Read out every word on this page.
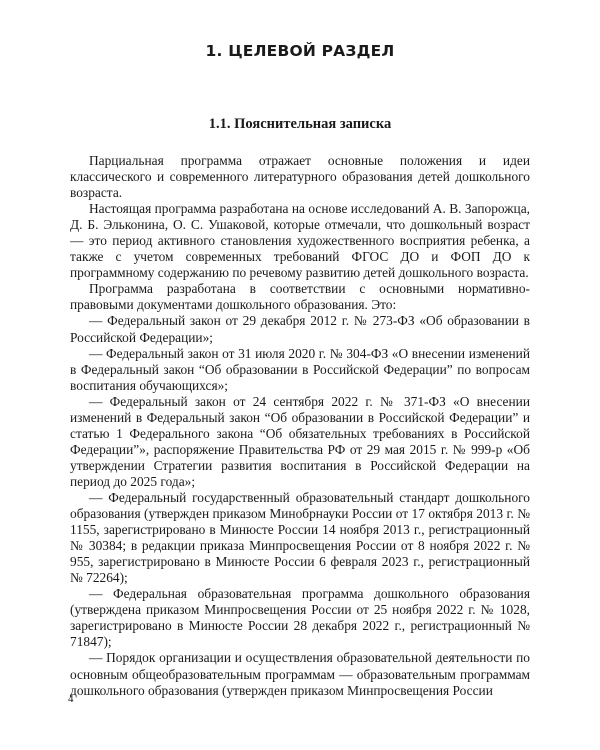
1. ЦЕЛЕВОЙ РАЗДЕЛ
1.1. Пояснительная записка

Парциальная программа отражает основные положения и идеи классического и современного литературного образования детей дошкольного возраста.

Настоящая программа разработана на основе исследований А. В. Запорожца, Д. Б. Эльконина, О. С. Ушаковой, которые отмечали, что дошкольный возраст — это период активного становления художественного восприятия ребенка, а также с учетом современных требований ФГОС ДО и ФОП ДО к программному содержанию по речевому развитию детей дошкольного возраста.

Программа разработана в соответствии с основными нормативно-правовыми документами дошкольного образования. Это:

— Федеральный закон от 29 декабря 2012 г. № 273-ФЗ «Об образовании в Российской Федерации»;

— Федеральный закон от 31 июля 2020 г. № 304-ФЗ «О внесении изменений в Федеральный закон “Об образовании в Российской Федерации” по вопросам воспитания обучающихся»;

— Федеральный закон от 24 сентября 2022 г. № 371-ФЗ «О внесении изменений в Федеральный закон “Об образовании в Российской Федерации” и статью 1 Федерального закона “Об обязательных требованиях в Российской Федерации”», распоряжение Правительства РФ от 29 мая 2015 г. № 999-р «Об утверждении Стратегии развития воспитания в Российской Федерации на период до 2025 года»;

— Федеральный государственный образовательный стандарт дошкольного образования (утвержден приказом Минобрнауки России от 17 октября 2013 г. № 1155, зарегистрировано в Минюсте России 14 ноября 2013 г., регистрационный № 30384; в редакции приказа Минпросвещения России от 8 ноября 2022 г. № 955, зарегистрировано в Минюсте России 6 февраля 2023 г., регистрационный № 72264);

— Федеральная образовательная программа дошкольного образования (утверждена приказом Минпросвещения России от 25 ноября 2022 г. № 1028, зарегистрировано в Минюсте России 28 декабря 2022 г., регистрационный № 71847);

— Порядок организации и осуществления образовательной деятельности по основным общеобразовательным программам — образовательным программам дошкольного образования (утвержден приказом Минпросвещения России

4
